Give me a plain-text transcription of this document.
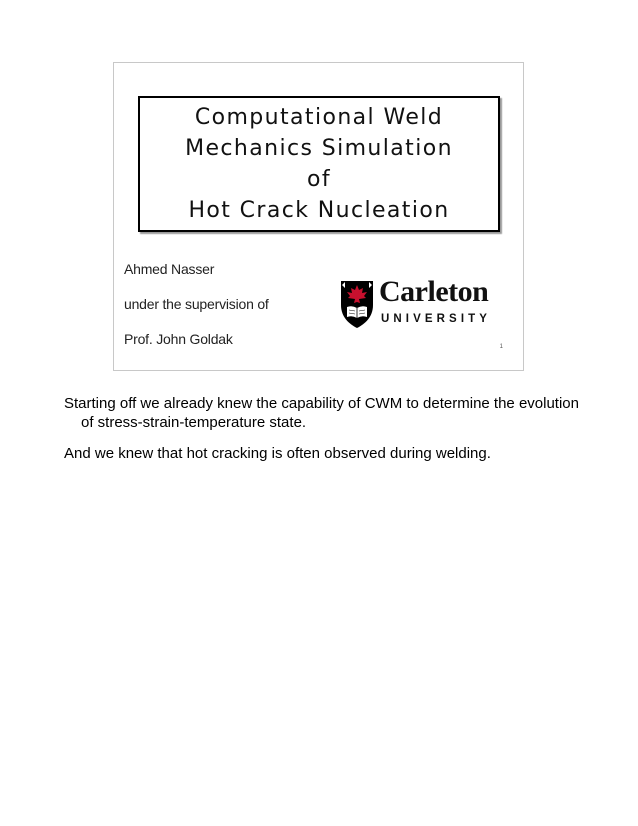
Computational Weld
Mechanics Simulation
of
Hot Crack Nucleation
Ahmed Nasser
under the supervision of
Prof. John Goldak
Carleton
UNIVERSITY
1

Starting off we already knew the capability of CWM to determine the evolution of stress-strain-temperature state.

And we knew that hot cracking is often observed during welding.
